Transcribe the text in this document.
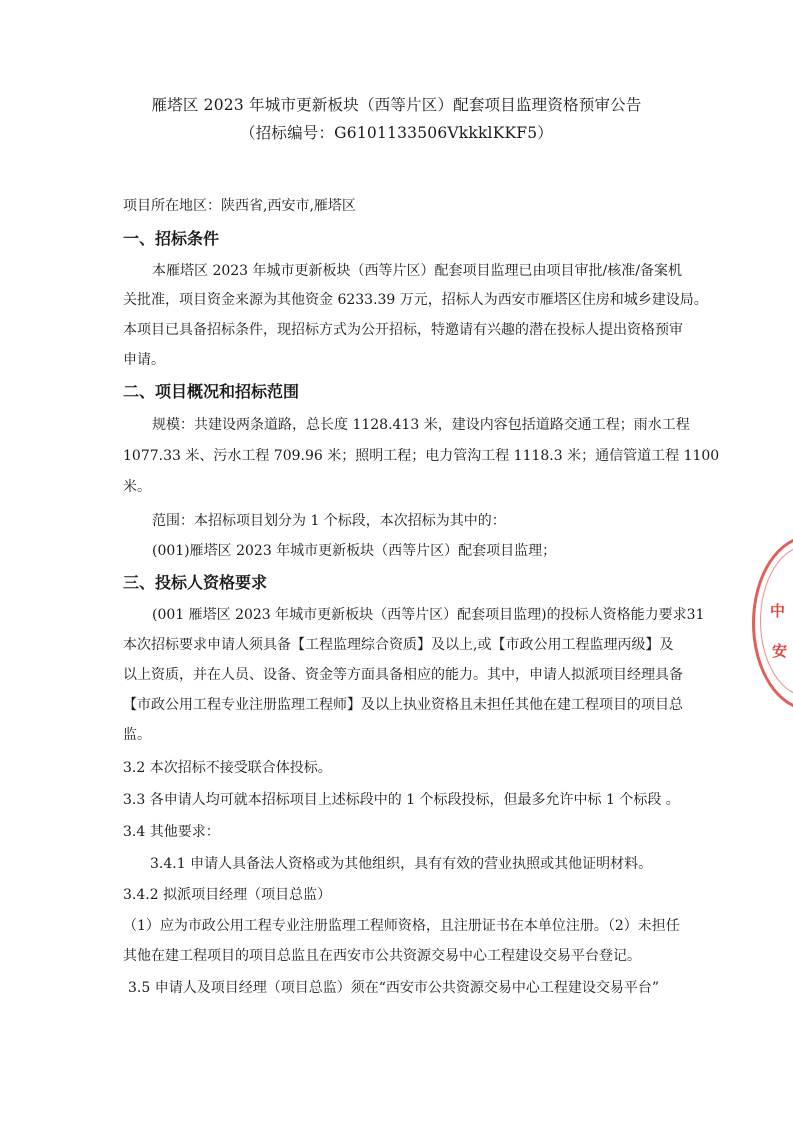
雁塔区 2023 年城市更新板块（西等片区）配套项目监理资格预审公告
（招标编号：G6101133506VkkklKKF5）
项目所在地区：陕西省,西安市,雁塔区
一、招标条件
本雁塔区 2023 年城市更新板块（西等片区）配套项目监理已由项目审批/核准/备案机
关批准，项目资金来源为其他资金 6233.39 万元，招标人为西安市雁塔区住房和城乡建设局。
本项目已具备招标条件，现招标方式为公开招标，特邀请有兴趣的潜在投标人提出资格预审
申请。
二、项目概况和招标范围
规模：共建设两条道路，总长度 1128.413 米，建设内容包括道路交通工程；雨水工程
1077.33 米、污水工程 709.96 米；照明工程；电力管沟工程 1118.3 米；通信管道工程 1100
米。
范围：本招标项目划分为 1 个标段，本次招标为其中的：
(001)雁塔区 2023 年城市更新板块（西等片区）配套项目监理；
三、投标人资格要求
(001 雁塔区 2023 年城市更新板块（西等片区）配套项目监理)的投标人资格能力要求31
本次招标要求申请人须具备【工程监理综合资质】及以上,或【市政公用工程监理丙级】及
以上资质，并在人员、设备、资金等方面具备相应的能力。其中，申请人拟派项目经理具备
【市政公用工程专业注册监理工程师】及以上执业资格且未担任其他在建工程项目的项目总
监。
3.2 本次招标不接受联合体投标。
3.3 各申请人均可就本招标项目上述标段中的 1 个标段投标，但最多允许中标 1 个标段 。
3.4 其他要求：
3.4.1 申请人具备法人资格或为其他组织，具有有效的营业执照或其他证明材料。
3.4.2 拟派项目经理（项目总监）
（1）应为市政公用工程专业注册监理工程师资格，且注册证书在本单位注册。（2）未担任
其他在建工程项目的项目总监且在西安市公共资源交易中心工程建设交易平台登记。
3.5 申请人及项目经理（项目总监）须在“西安市公共资源交易中心工程建设交易平台”
中
安
